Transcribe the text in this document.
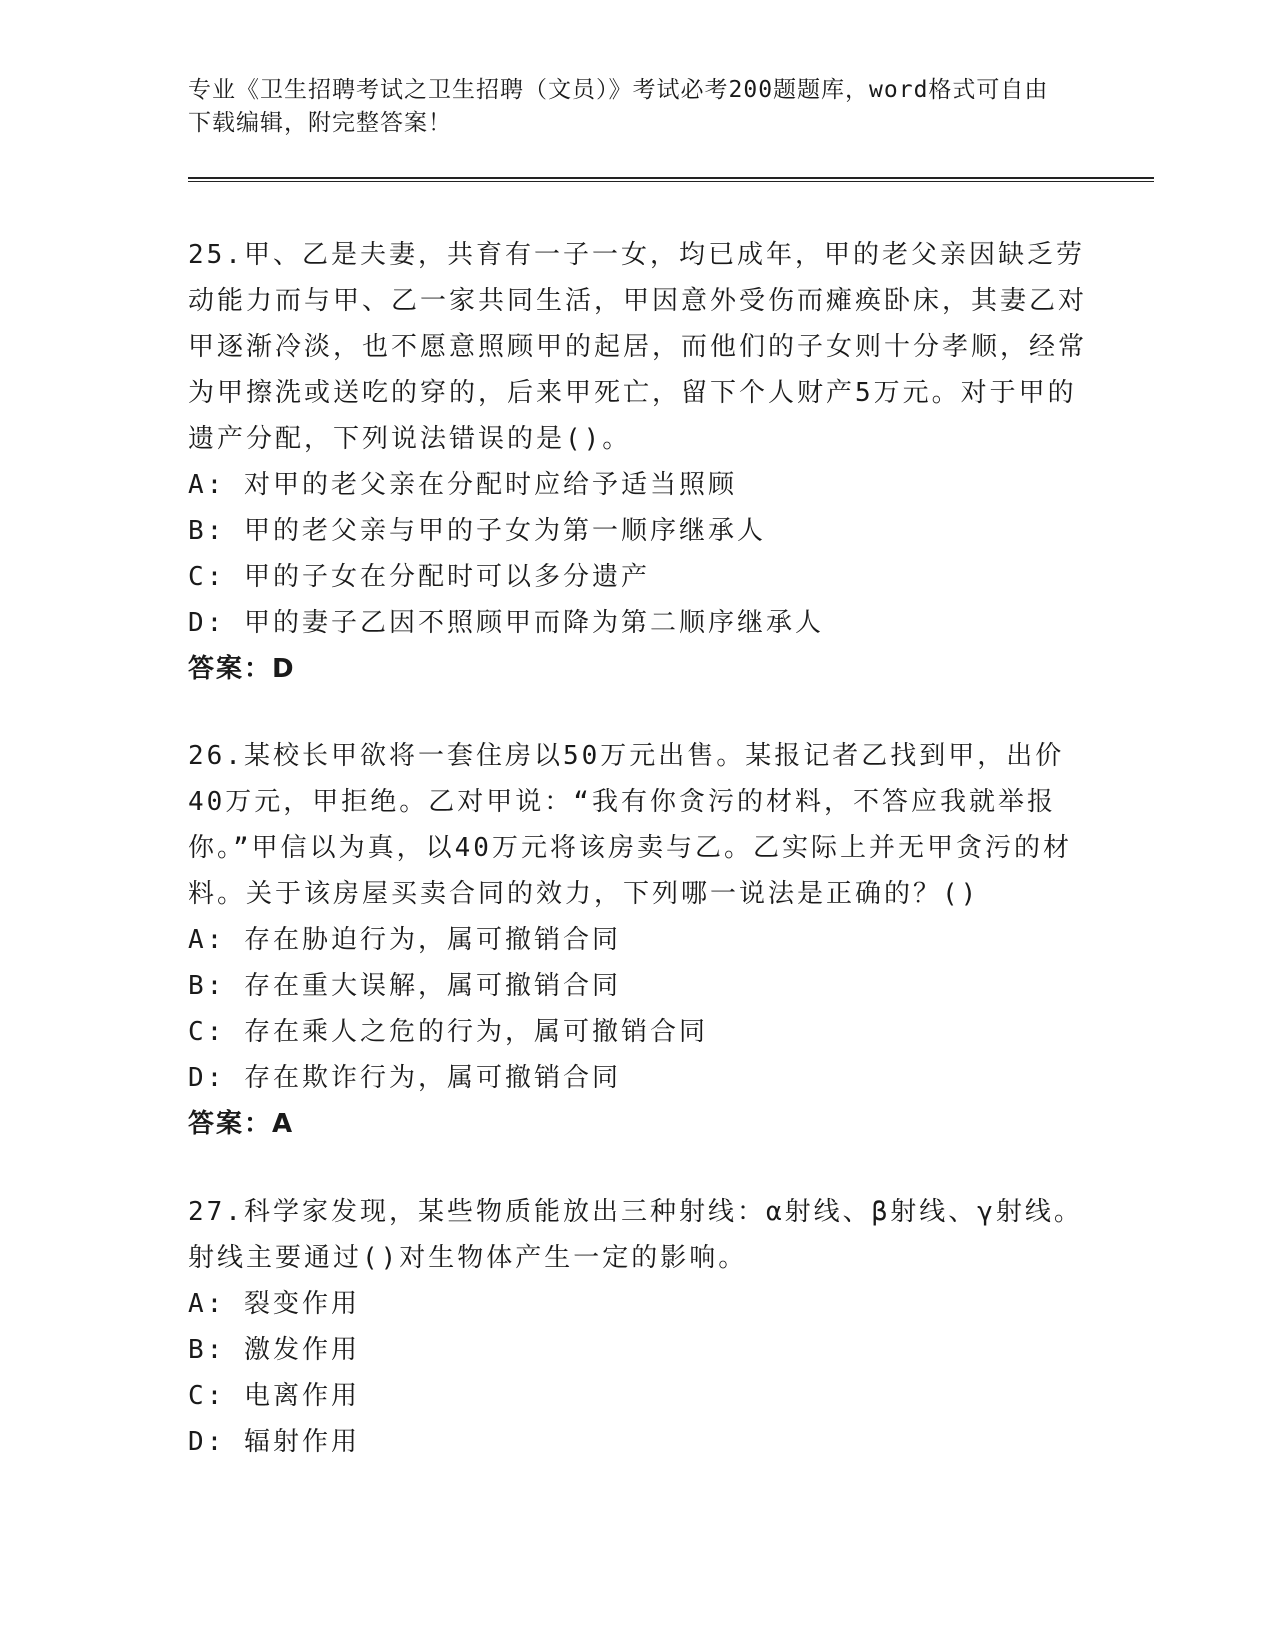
专业《卫生招聘考试之卫生招聘（文员）》考试必考200题题库，word格式可自由下载编辑，附完整答案！
25.甲、乙是夫妻，共育有一子一女，均已成年，甲的老父亲因缺乏劳动能力而与甲、乙一家共同生活，甲因意外受伤而瘫痪卧床，其妻乙对甲逐渐冷淡，也不愿意照顾甲的起居，而他们的子女则十分孝顺，经常为甲擦洗或送吃的穿的，后来甲死亡，留下个人财产5万元。对于甲的遗产分配，下列说法错误的是()。
A: 对甲的老父亲在分配时应给予适当照顾
B: 甲的老父亲与甲的子女为第一顺序继承人
C: 甲的子女在分配时可以多分遗产
D: 甲的妻子乙因不照顾甲而降为第二顺序继承人
答案：D
26.某校长甲欲将一套住房以50万元出售。某报记者乙找到甲，出价40万元，甲拒绝。乙对甲说：“我有你贪污的材料，不答应我就举报你。”甲信以为真，以40万元将该房卖与乙。乙实际上并无甲贪污的材料。关于该房屋买卖合同的效力，下列哪一说法是正确的？()
A: 存在胁迫行为，属可撤销合同
B: 存在重大误解，属可撤销合同
C: 存在乘人之危的行为，属可撤销合同
D: 存在欺诈行为，属可撤销合同
答案：A
27.科学家发现，某些物质能放出三种射线：α射线、β射线、γ射线。射线主要通过()对生物体产生一定的影响。
A: 裂变作用
B: 激发作用
C: 电离作用
D: 辐射作用
